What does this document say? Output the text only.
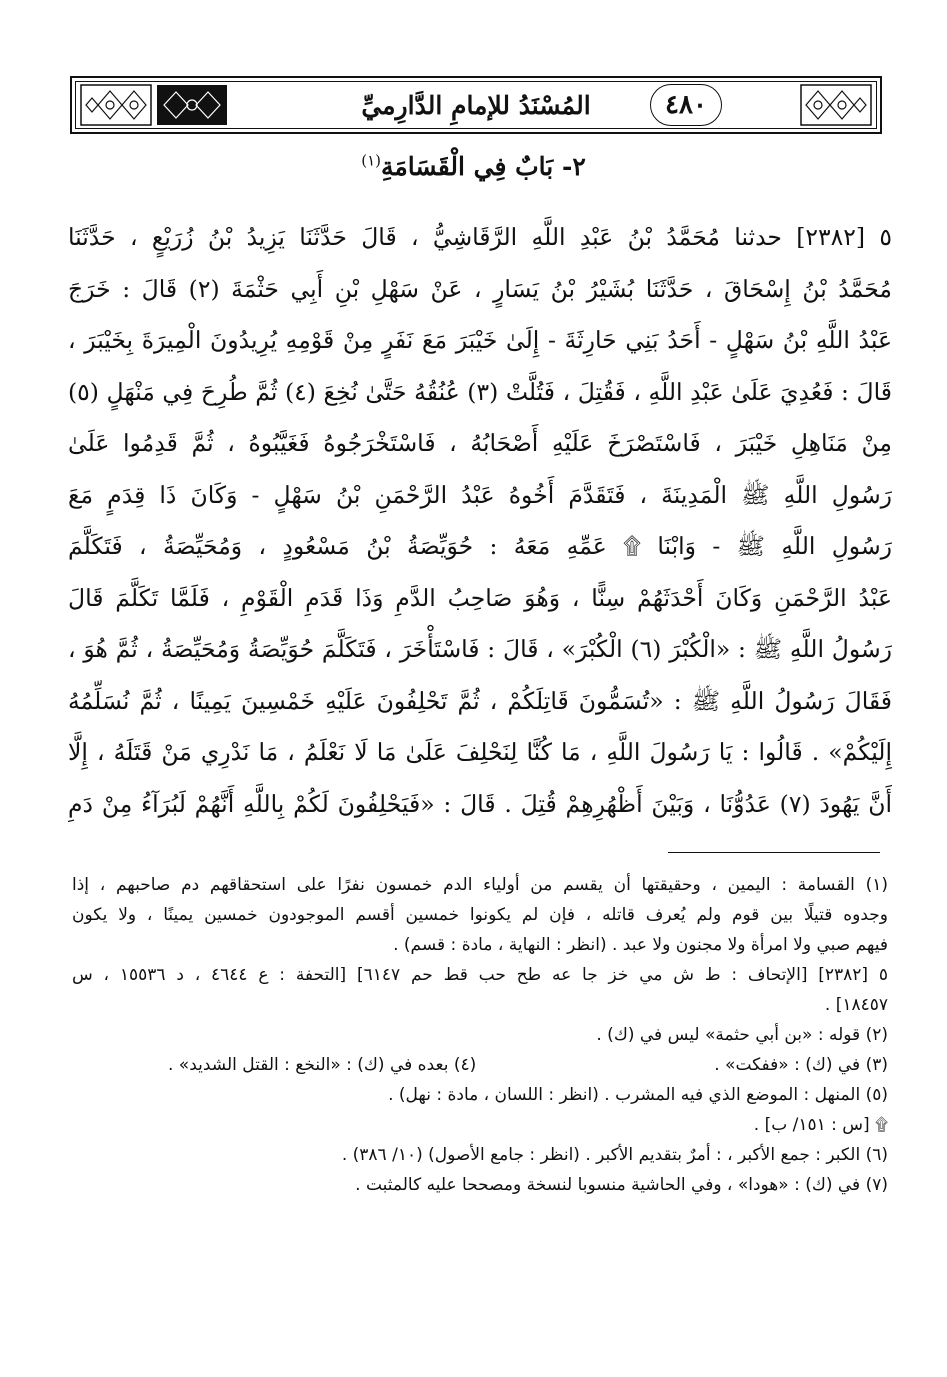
٤٨٠
المُسْنَدُ للإمامِ الدَّارِميِّ
٢- بَابٌ فِي الْقَسَامَةِ$^{(١)}$

٥ [٢٣٨٢] حدثنا مُحَمَّدُ بْنُ عَبْدِ اللَّهِ الرَّقَاشِيُّ ، قَالَ حَدَّثَنَا يَزِيدُ بْنُ زُرَيْعٍ ، حَدَّثَنَا

مُحَمَّدُ بْنُ إِسْحَاقَ ، حَدَّثَنَا بُشَيْرُ بْنُ يَسَارٍ ، عَنْ سَهْلِ بْنِ أَبِي حَثْمَةَ (٢) قَالَ : خَرَجَ

عَبْدُ اللَّهِ بْنُ سَهْلٍ - أَحَدُ بَنِي حَارِثَةَ - إِلَىٰ خَيْبَرَ مَعَ نَفَرٍ مِنْ قَوْمِهِ يُرِيدُونَ الْمِيرَةَ بِخَيْبَرَ ،

قَالَ : فَعُدِيَ عَلَىٰ عَبْدِ اللَّهِ ، فَقُتِلَ ، فَتُلَّتْ (٣) عُنُقُهُ حَتَّىٰ نُخِعَ (٤) ثُمَّ طُرِحَ فِي مَنْهَلٍ (٥)

مِنْ مَنَاهِلِ خَيْبَرَ ، فَاسْتَصْرَخَ عَلَيْهِ أَصْحَابُهُ ، فَاسْتَخْرَجُوهُ فَغَيَّبُوهُ ، ثُمَّ قَدِمُوا عَلَىٰ

رَسُولِ اللَّهِ ﷺ الْمَدِينَةَ ، فَتَقَدَّمَ أَخُوهُ عَبْدُ الرَّحْمَنِ بْنُ سَهْلٍ - وَكَانَ ذَا قِدَمٍ مَعَ

رَسُولِ اللَّهِ ﷺ - وَابْنَا ۩ عَمِّهِ مَعَهُ : حُوَيِّصَةُ بْنُ مَسْعُودٍ ، وَمُحَيِّصَةُ ، فَتَكَلَّمَ

عَبْدُ الرَّحْمَنِ وَكَانَ أَحْدَثَهُمْ سِنًّا ، وَهُوَ صَاحِبُ الدَّمِ وَذَا قَدَمِ الْقَوْمِ ، فَلَمَّا تَكَلَّمَ قَالَ

رَسُولُ اللَّهِ ﷺ : «الْكُبْرَ (٦) الْكُبْرَ» ، قَالَ : فَاسْتَأْخَرَ ، فَتَكَلَّمَ حُوَيِّصَةُ وَمُحَيِّصَةُ ، ثُمَّ هُوَ ،

فَقَالَ رَسُولُ اللَّهِ ﷺ : «تُسَمُّونَ قَاتِلَكُمْ ، ثُمَّ تَحْلِفُونَ عَلَيْهِ خَمْسِينَ يَمِينًا ، ثُمَّ نُسَلِّمُهُ

إِلَيْكُمْ» . قَالُوا : يَا رَسُولَ اللَّهِ ، مَا كُنَّا لِنَحْلِفَ عَلَىٰ مَا لَا نَعْلَمُ ، مَا نَدْرِي مَنْ قَتَلَهُ ، إِلَّا

أَنَّ يَهُودَ (٧) عَدُوُّنَا ، وَبَيْنَ أَظْهُرِهِمْ قُتِلَ . قَالَ : «فَيَحْلِفُونَ لَكُمْ بِاللَّهِ أَنَّهُمْ لَبُرَآءُ مِنْ دَمِ

(١) القسامة : اليمين ، وحقيقتها أن يقسم من أولياء الدم خمسون نفرًا على استحقاقهم دم صاحبهم ، إذا

وجدوه قتيلًا بين قوم ولم يُعرف قاتله ، فإن لم يكونوا خمسين أقسم الموجودون خمسين يمينًا ، ولا يكون

فيهم صبي ولا امرأة ولا مجنون ولا عبد . (انظر : النهاية ، مادة : قسم) .

٥ [٢٣٨٢] [الإتحاف : ط ش مي خز جا عه طح حب قط حم ٦١٤٧] [التحفة : ع ٤٦٤٤ ، د ١٥٥٣٦ ، س

١٨٤٥٧] .

(٢) قوله : «بن أبي حثمة» ليس في (ك) .

(٣) في (ك) : «ففكت» .

(٤) بعده في (ك) : «النخع : القتل الشديد» .

(٥) المنهل : الموضع الذي فيه المشرب . (انظر : اللسان ، مادة : نهل) .

۩ [س : ١٥١/ ب] .

(٦) الكبر : جمع الأكبر ، : أمرٌ بتقديم الأكبر . (انظر : جامع الأصول) (١٠/ ٣٨٦) .

(٧) في (ك) : «هودا» ، وفي الحاشية منسوبا لنسخة ومصححا عليه كالمثبت .
